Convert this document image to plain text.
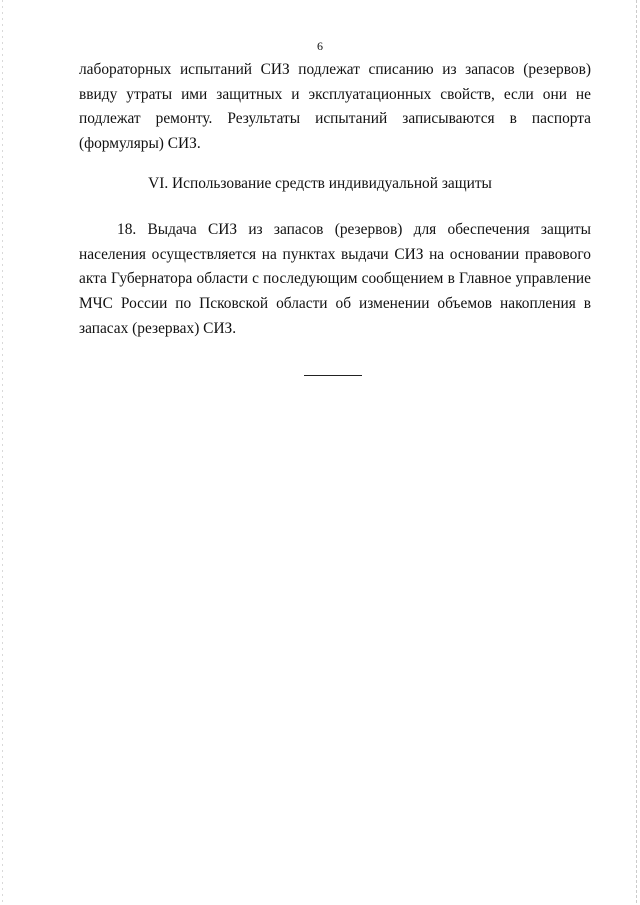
6

лабораторных испытаний СИЗ подлежат списанию из запасов (резервов) ввиду утраты ими защитных и эксплуатационных свойств, если они не подлежат ремонту. Результаты испытаний записываются в паспорта (формуляры) СИЗ.

VI. Использование средств индивидуальной защиты

18. Выдача СИЗ из запасов (резервов) для обеспечения защиты населения осуществляется на пунктах выдачи СИЗ на основании правового акта Губернатора области с последующим сообщением в Главное управление МЧС России по Псковской области об изменении объемов накопления в запасах (резервах) СИЗ.
